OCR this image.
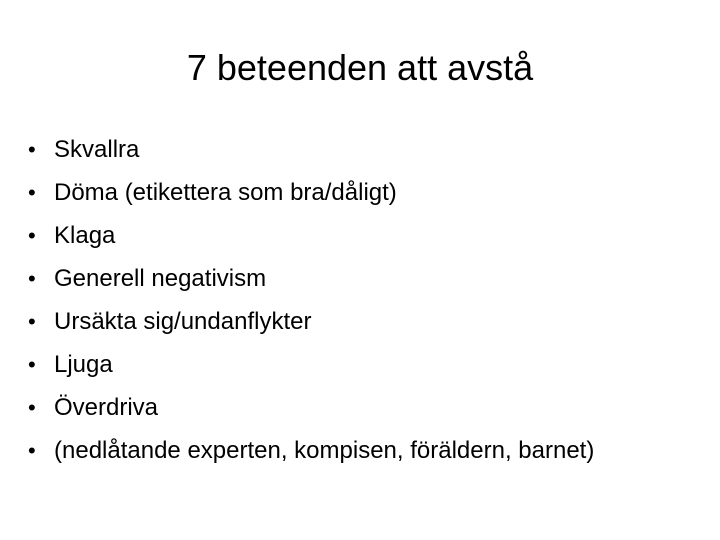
7 beteenden att avstå
• Skvallra
• Döma (etikettera som bra/dåligt)
• Klaga
• Generell negativism
• Ursäkta sig/undanflykter
• Ljuga
• Överdriva
• (nedlåtande experten, kompisen, föräldern, barnet)
